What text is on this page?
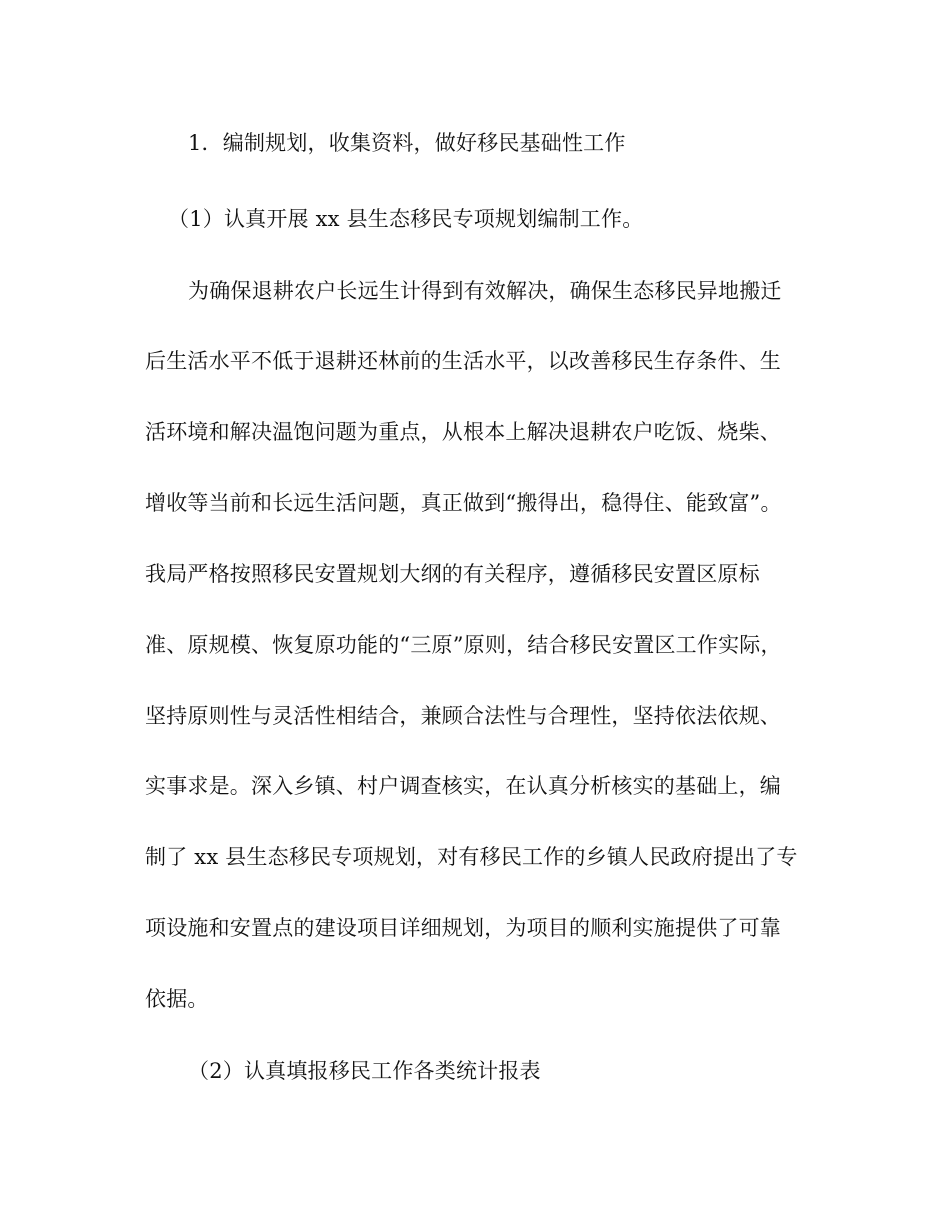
1．编制规划，收集资料，做好移民基础性工作
（1）认真开展 xx 县生态移民专项规划编制工作。
为确保退耕农户长远生计得到有效解决，确保生态移民异地搬迁
后生活水平不低于退耕还林前的生活水平，以改善移民生存条件、生
活环境和解决温饱问题为重点，从根本上解决退耕农户吃饭、烧柴、
增收等当前和长远生活问题，真正做到“搬得出，稳得住、能致富”。
我局严格按照移民安置规划大纲的有关程序，遵循移民安置区原标
准、原规模、恢复原功能的“三原”原则，结合移民安置区工作实际，
坚持原则性与灵活性相结合，兼顾合法性与合理性，坚持依法依规、
实事求是。深入乡镇、村户调查核实，在认真分析核实的基础上，编
制了 xx 县生态移民专项规划，对有移民工作的乡镇人民政府提出了专
项设施和安置点的建设项目详细规划，为项目的顺利实施提供了可靠
依据。
（2）认真填报移民工作各类统计报表
